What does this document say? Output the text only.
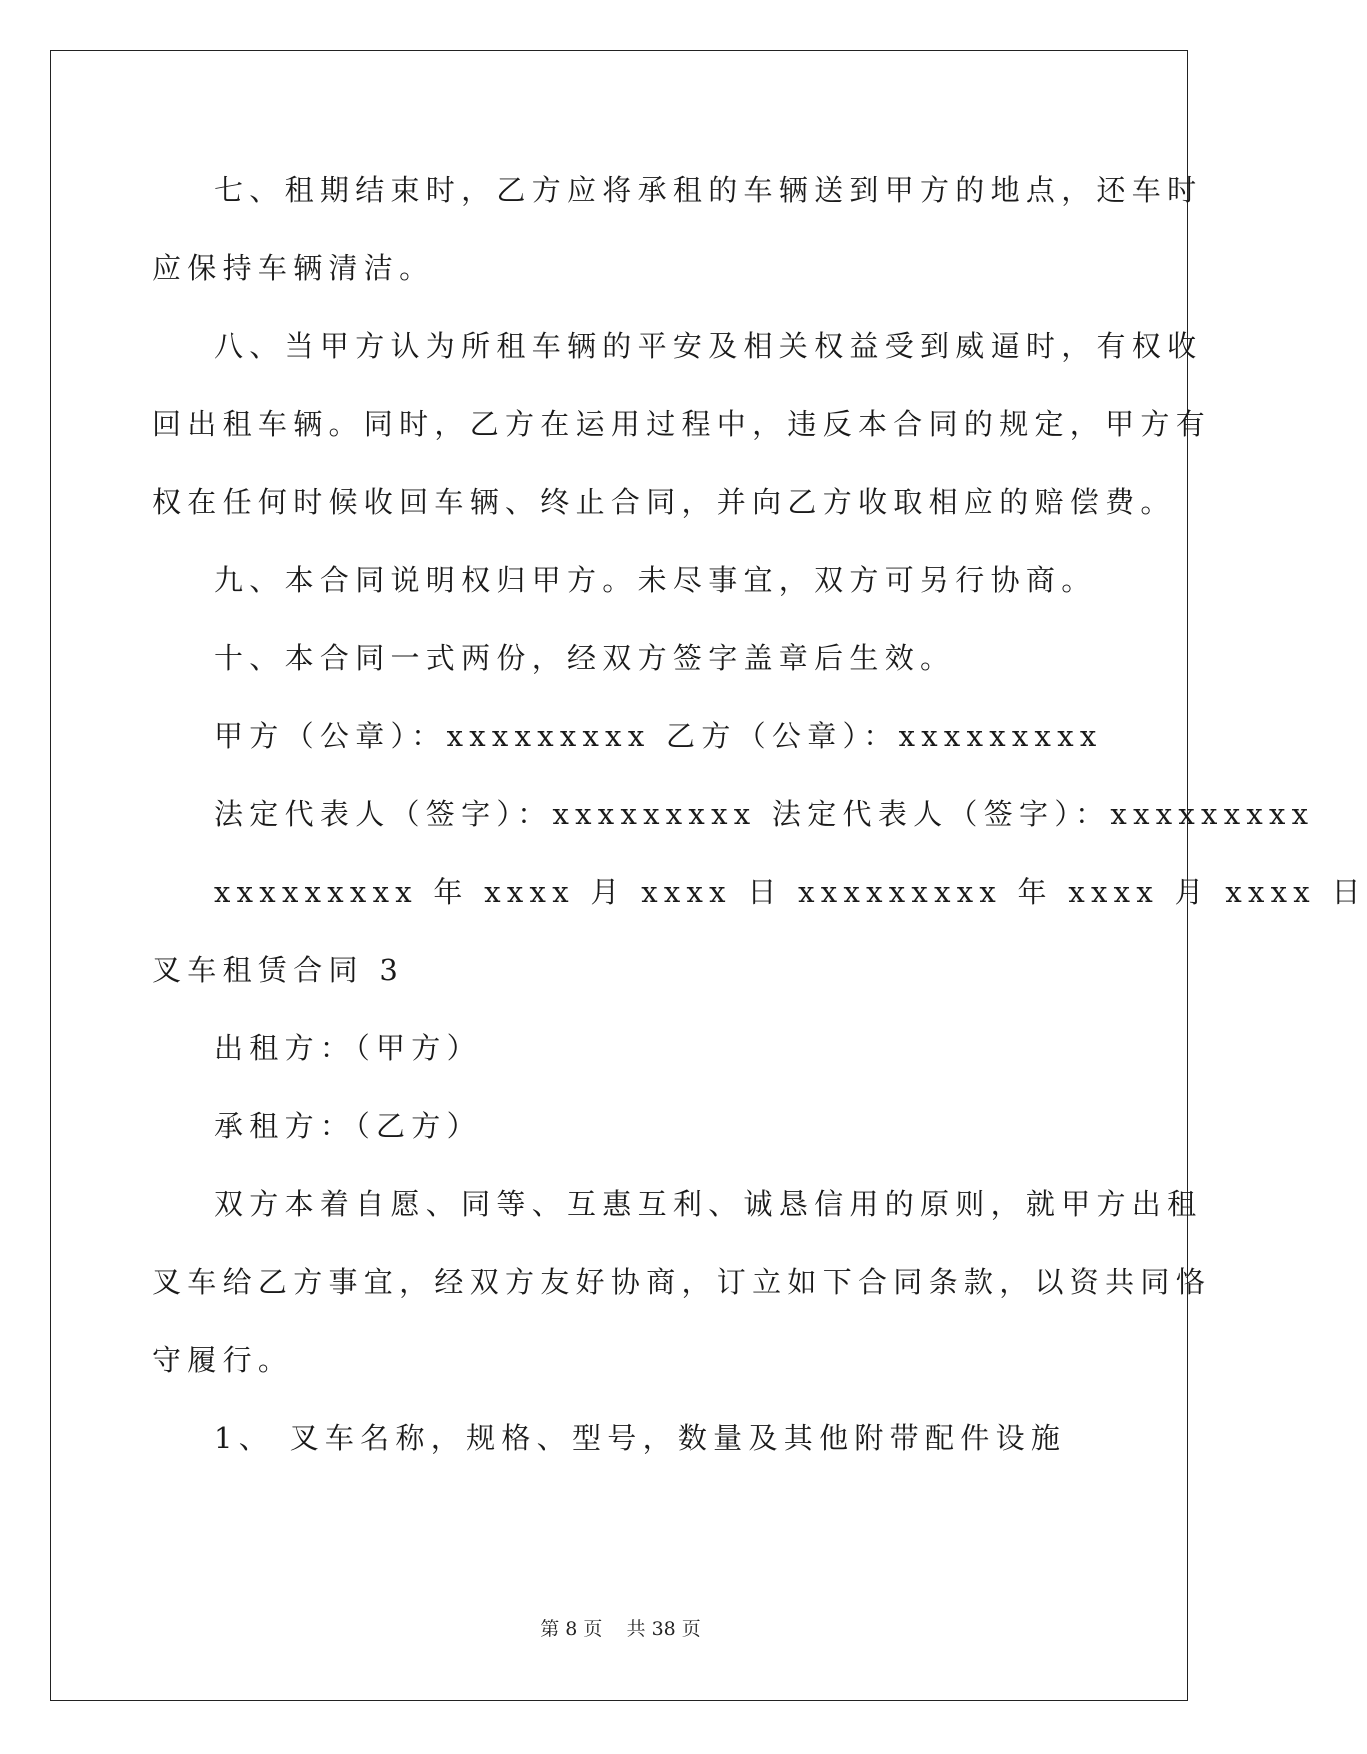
七、租期结束时，乙方应将承租的车辆送到甲方的地点，还车时
应保持车辆清洁。
八、当甲方认为所租车辆的平安及相关权益受到威逼时，有权收
回出租车辆。同时，乙方在运用过程中，违反本合同的规定，甲方有
权在任何时候收回车辆、终止合同，并向乙方收取相应的赔偿费。
九、本合同说明权归甲方。未尽事宜，双方可另行协商。
十、本合同一式两份，经双方签字盖章后生效。
甲方（公章）：xxxxxxxxx 乙方（公章）：xxxxxxxxx
法定代表人（签字）：xxxxxxxxx 法定代表人（签字）：xxxxxxxxx
xxxxxxxxx 年 xxxx 月 xxxx 日 xxxxxxxxx 年 xxxx 月 xxxx 日
叉车租赁合同 3
出租方：（甲方）
承租方：（乙方）
双方本着自愿、同等、互惠互利、诚恳信用的原则，就甲方出租
叉车给乙方事宜，经双方友好协商，订立如下合同条款，以资共同恪
守履行。
1、 叉车名称，规格、型号，数量及其他附带配件设施
第 8 页 共 38 页
